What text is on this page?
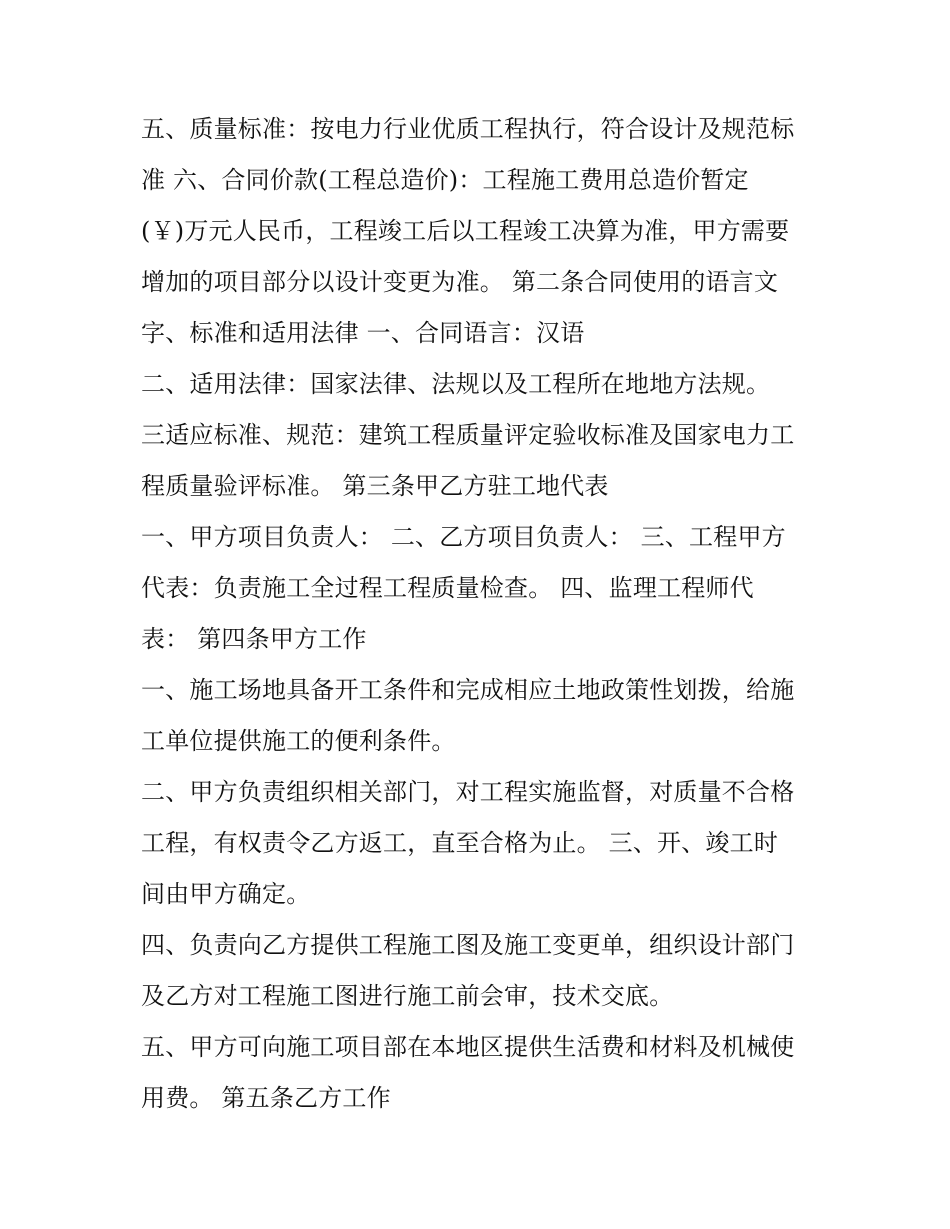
五、质量标准：按电力行业优质工程执行，符合设计及规范标
准 六、合同价款(工程总造价)：工程施工费用总造价暂定
(￥)万元人民币，工程竣工后以工程竣工决算为准，甲方需要
增加的项目部分以设计变更为准。 第二条合同使用的语言文
字、标准和适用法律 一、合同语言：汉语
二、适用法律：国家法律、法规以及工程所在地地方法规。
三适应标准、规范：建筑工程质量评定验收标准及国家电力工
程质量验评标准。 第三条甲乙方驻工地代表
一、甲方项目负责人： 二、乙方项目负责人： 三、工程甲方
代表：负责施工全过程工程质量检查。 四、监理工程师代
表： 第四条甲方工作
一、施工场地具备开工条件和完成相应土地政策性划拨，给施
工单位提供施工的便利条件。
二、甲方负责组织相关部门，对工程实施监督，对质量不合格
工程，有权责令乙方返工，直至合格为止。 三、开、竣工时
间由甲方确定。
四、负责向乙方提供工程施工图及施工变更单，组织设计部门
及乙方对工程施工图进行施工前会审，技术交底。
五、甲方可向施工项目部在本地区提供生活费和材料及机械使
用费。 第五条乙方工作
